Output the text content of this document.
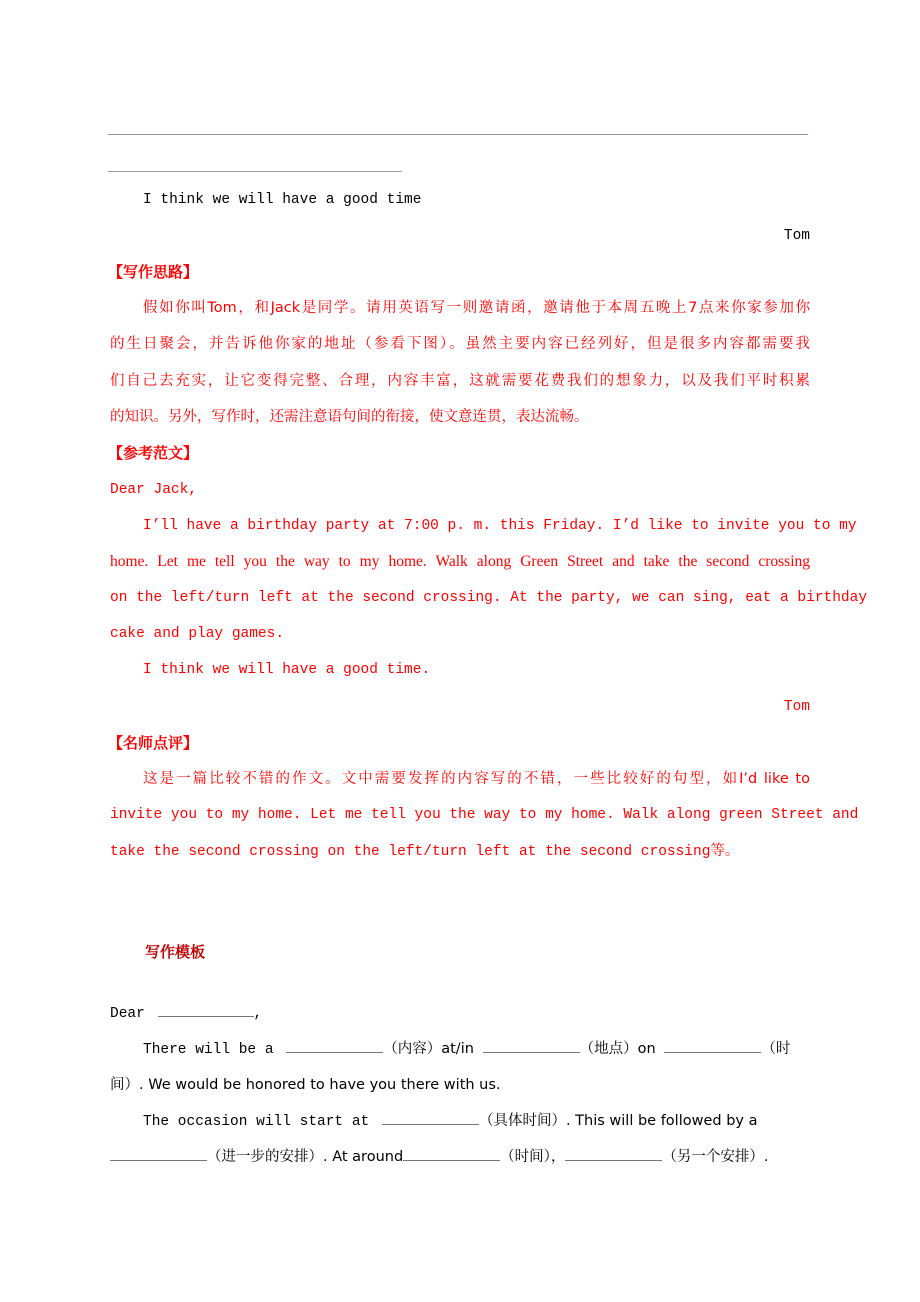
I think we will have a good time
Tom
【写作思路】
假如你叫Tom，和Jack是同学。请用英语写一则邀请函，邀请他于本周五晚上7点来你家参加你
的生日聚会，并告诉他你家的地址（参看下图）。虽然主要内容已经列好，但是很多内容都需要我
们自己去充实，让它变得完整、合理，内容丰富，这就需要花费我们的想象力，以及我们平时积累
的知识。另外，写作时，还需注意语句间的衔接，使文意连贯，表达流畅。
【参考范文】
Dear Jack,
I’ll have a birthday party at 7:00 p. m. this Friday. I’d like to invite you to my
home. Let me tell you the way to my home. Walk along Green Street and take the second crossing
on the left/turn left at the second crossing. At the party, we can sing, eat a birthday
cake and play games.
I think we will have a good time.
Tom
【名师点评】
这是一篇比较不错的作文。文中需要发挥的内容写的不错，一些比较好的句型，如I’d like to
invite you to my home. Let me tell you the way to my home. Walk along green Street and
take the second crossing on the left/turn left at the second crossing等。
写作模板
Dear	,
There will be a	（内容）at/in	（地点）on	（时
间）. We would be honored to have you there with us.
The occasion will start at	（具体时间）. This will be followed by a
（进一步的安排）. At around	（时间），	（另一个安排）.
